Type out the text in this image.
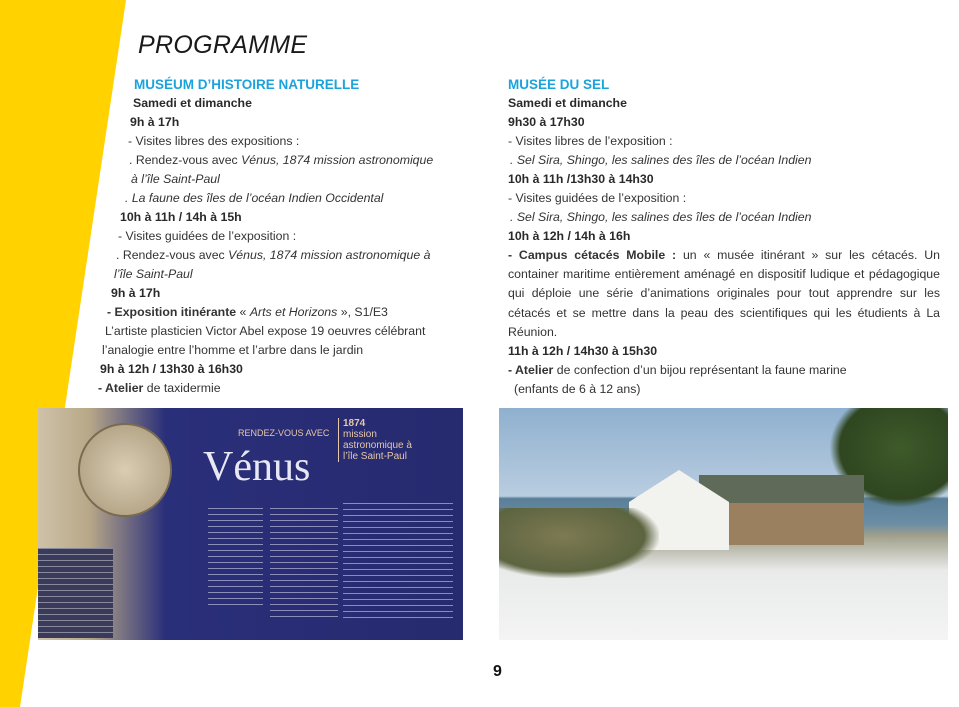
PROGRAMME
MUSÉUM D’HISTOIRE NATURELLE
Samedi et dimanche
9h à 17h
- Visites libres des expositions :
. Rendez-vous avec Vénus, 1874 mission astronomique
à l’île Saint-Paul
. La faune des îles de l’océan Indien Occidental
10h à 11h / 14h à 15h
- Visites guidées de l’exposition :
. Rendez-vous avec Vénus, 1874 mission astronomique à
l’île Saint-Paul
9h à 17h
- Exposition itinérante « Arts et Horizons », S1/E3
L’artiste plasticien Victor Abel expose 19 oeuvres célébrant
l’analogie entre l’homme et l’arbre dans le jardin
9h à 12h / 13h30 à 16h30
- Atelier de taxidermie
MUSÉE DU SEL
Samedi et dimanche
9h30 à 17h30
- Visites libres de l’exposition :
. Sel Sira, Shingo, les salines des îles de l’océan Indien
10h à 11h /13h30 à 14h30
- Visites guidées de l’exposition :
. Sel Sira, Shingo, les salines des îles de l’océan Indien
10h à 12h / 14h à 16h
- Campus cétacés Mobile : un « musée itinérant » sur les cétacés. Un container maritime entièrement aménagé en dispositif ludique et pédagogique qui déploie une série d’animations originales pour tout apprendre sur les cétacés et se mettre dans la peau des scientifiques qui les étudients à La Réunion.
11h à 12h / 14h30 à 15h30
- Atelier de confection d’un bijou représentant la faune marine
(enfants de 6 à 12 ans)
RENDEZ-VOUS AVEC
Vénus
1874
mission astronomique à l’île Saint-Paul
9
